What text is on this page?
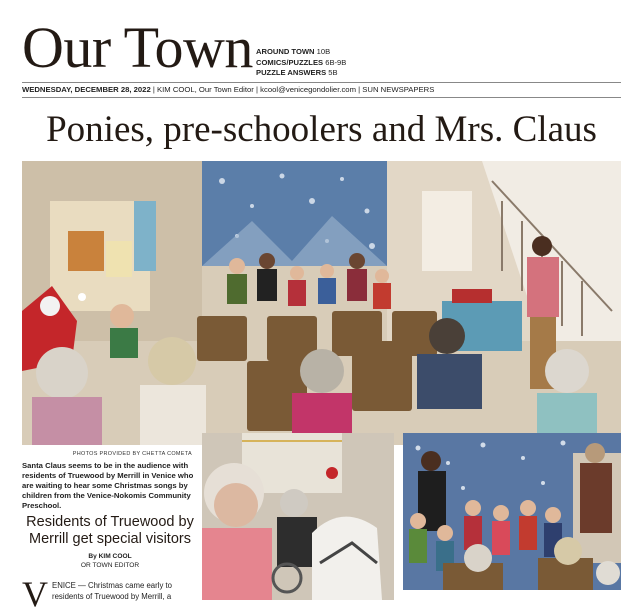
Our Town AROUND TOWN 10B
COMICS/PUZZLES 6B-9B
PUZZLE ANSWERS 5B
WEDNESDAY, DECEMBER 28, 2022 | KIM COOL, Our Town Editor | kcool@venicegondolier.com | SUN NEWSPAPERS
Ponies, pre-schoolers and Mrs. Claus
PHOTOS PROVIDED BY CHETTA COMETA
Santa Claus seems to be in the audience with residents of Truewood by Merrill in Venice who are waiting to hear some Christmas songs by children from the Venice-Nokomis Community Preschool.
Residents of Truewood by Merrill get special visitors
By KIM COOL
OR TOWN EDITOR
V ENICE — Christmas came early to residents of Truewood by Merrill, a
